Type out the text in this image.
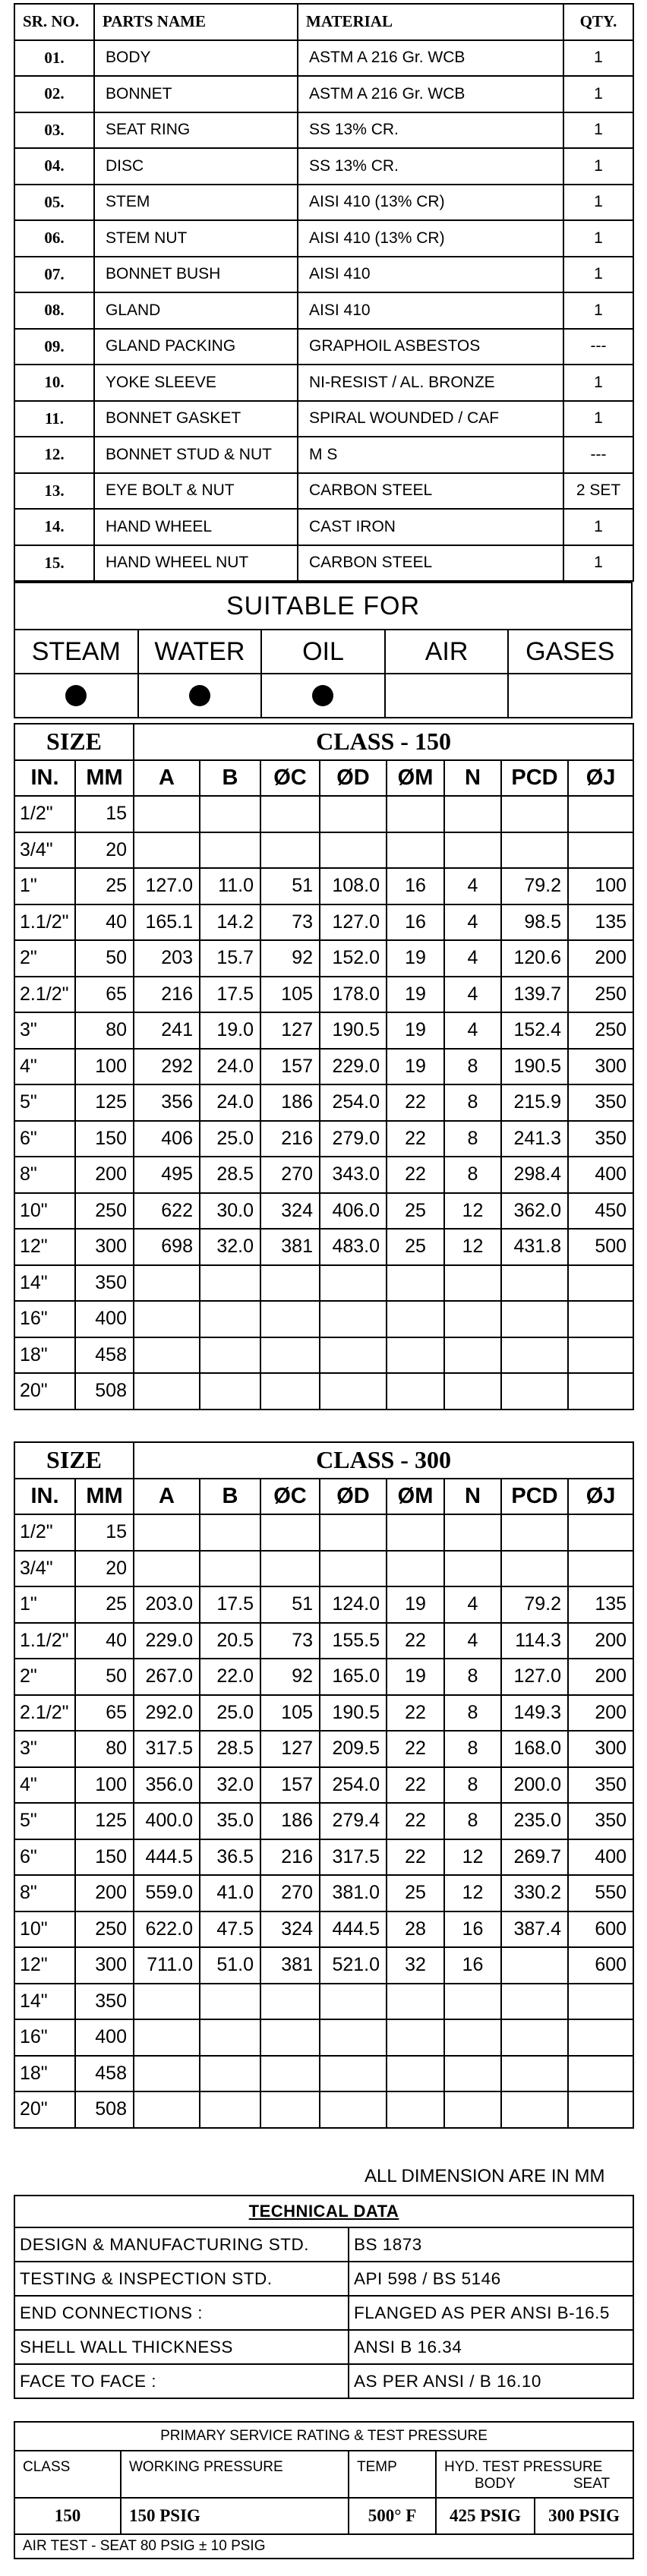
SR. NO.	PARTS NAME	MATERIAL	QTY.
01.	BODY	ASTM A 216 Gr. WCB	1
02.	BONNET	ASTM A 216 Gr. WCB	1
03.	SEAT RING	SS 13% CR.	1
04.	DISC	SS 13% CR.	1
05.	STEM	AISI 410 (13% CR)	1
06.	STEM NUT	AISI 410 (13% CR)	1
07.	BONNET BUSH	AISI 410	1
08.	GLAND	AISI 410	1
09.	GLAND PACKING	GRAPHOIL ASBESTOS	---
10.	YOKE SLEEVE	NI-RESIST / AL. BRONZE	1
11.	BONNET GASKET	SPIRAL WOUNDED / CAF	1
12.	BONNET STUD & NUT	M S	---
13.	EYE BOLT & NUT	CARBON STEEL	2 SET
14.	HAND WHEEL	CAST IRON	1
15.	HAND WHEEL NUT	CARBON STEEL	1
SUITABLE FOR				
STEAM	WATER	OIL	AIR	GASES

SIZE		CLASS - 150							
IN.	MM	A	B	ØC	ØD	ØM	N	PCD	ØJ
1/2"	15								
3/4"	20								
1"	25	127.0	11.0	51	108.0	16	4	79.2	100
1.1/2"	40	165.1	14.2	73	127.0	16	4	98.5	135
2"	50	203	15.7	92	152.0	19	4	120.6	200
2.1/2"	65	216	17.5	105	178.0	19	4	139.7	250
3"	80	241	19.0	127	190.5	19	4	152.4	250
4"	100	292	24.0	157	229.0	19	8	190.5	300
5"	125	356	24.0	186	254.0	22	8	215.9	350
6"	150	406	25.0	216	279.0	22	8	241.3	350
8"	200	495	28.5	270	343.0	22	8	298.4	400
10"	250	622	30.0	324	406.0	25	12	362.0	450
12"	300	698	32.0	381	483.0	25	12	431.8	500
14"	350								
16"	400								
18"	458								
20"	508								
SIZE		CLASS - 300							
IN.	MM	A	B	ØC	ØD	ØM	N	PCD	ØJ
1/2"	15								
3/4"	20								
1"	25	203.0	17.5	51	124.0	19	4	79.2	135
1.1/2"	40	229.0	20.5	73	155.5	22	4	114.3	200
2"	50	267.0	22.0	92	165.0	19	8	127.0	200
2.1/2"	65	292.0	25.0	105	190.5	22	8	149.3	200
3"	80	317.5	28.5	127	209.5	22	8	168.0	300
4"	100	356.0	32.0	157	254.0	22	8	200.0	350
5"	125	400.0	35.0	186	279.4	22	8	235.0	350
6"	150	444.5	36.5	216	317.5	22	12	269.7	400
8"	200	559.0	41.0	270	381.0	25	12	330.2	550
10"	250	622.0	47.5	324	444.5	28	16	387.4	600
12"	300	711.0	51.0	381	521.0	32	16		600
14"	350								
16"	400								
18"	458								
20"	508								
ALL DIMENSION ARE IN MM
TECHNICAL DATA	
DESIGN & MANUFACTURING STD.	BS 1873
TESTING & INSPECTION STD.	API 598 / BS 5146
END CONNECTIONS :	FLANGED AS PER ANSI B-16.5
SHELL WALL THICKNESS	ANSI B 16.34
FACE TO FACE :	AS PER ANSI / B 16.10
PRIMARY SERVICE RATING & TEST PRESSURE				
CLASS	WORKING PRESSURE	TEMP	HYD. TEST PRESSURE
BODY SEAT	

150	150 PSIG	500° F	425 PSIG	300 PSIG
AIR TEST - SEAT 80 PSIG ± 10 PSIG				
